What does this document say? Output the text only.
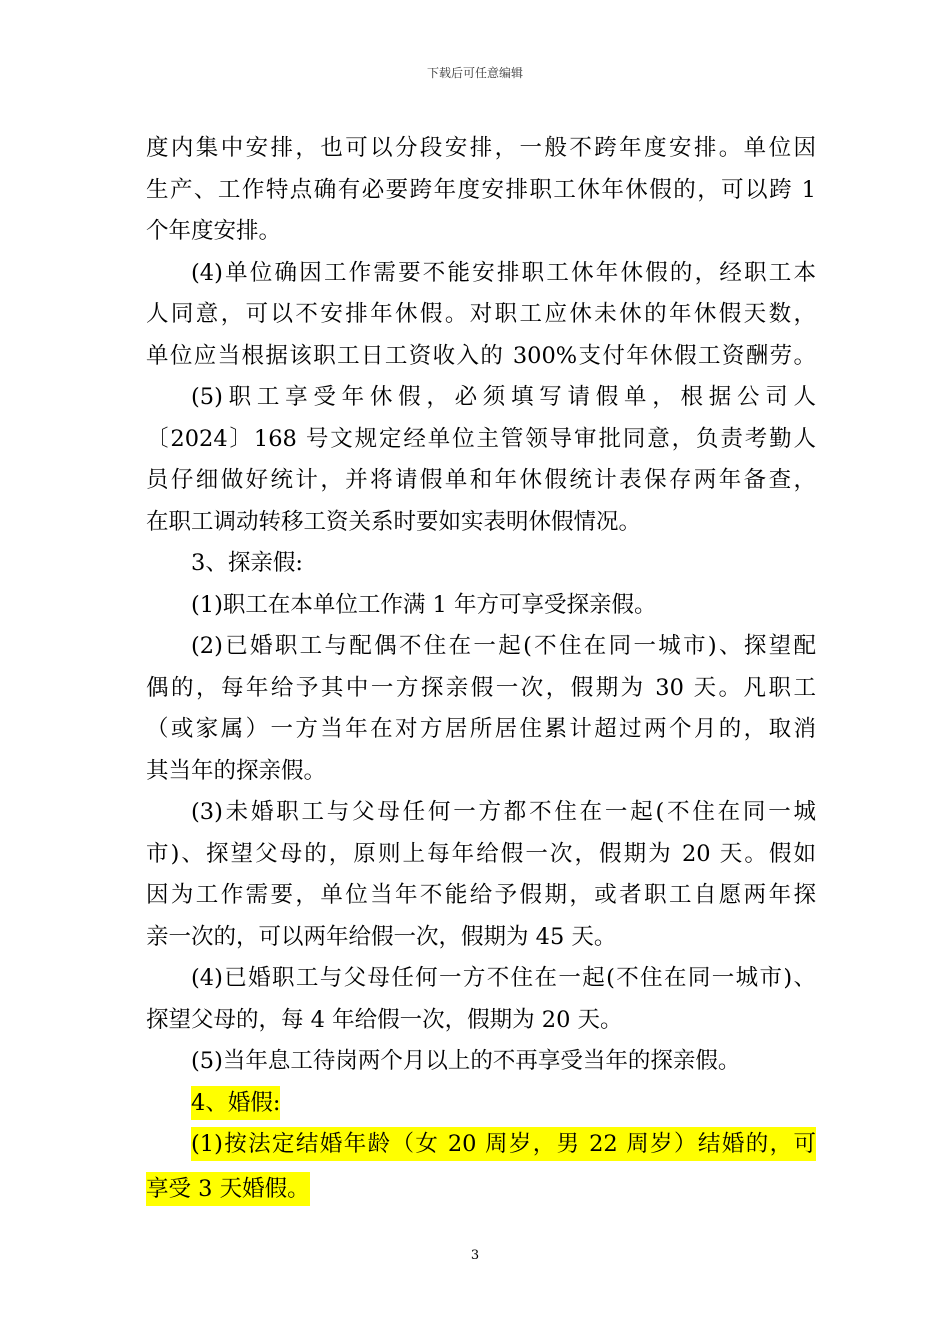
下载后可任意编辑
度内集中安排，也可以分段安排，一般不跨年度安排。单位因
生产、工作特点确有必要跨年度安排职工休年休假的，可以跨 1
个年度安排。
(4)单位确因工作需要不能安排职工休年休假的，经职工本
人同意，可以不安排年休假。对职工应休未休的年休假天数，
单位应当根据该职工日工资收入的 300%支付年休假工资酬劳。
(5)职工享受年休假，必须填写请假单，根据公司人
〔2024〕168 号文规定经单位主管领导审批同意，负责考勤人
员仔细做好统计，并将请假单和年休假统计表保存两年备查，
在职工调动转移工资关系时要如实表明休假情况。
3、探亲假:
(1)职工在本单位工作满 1 年方可享受探亲假。
(2)已婚职工与配偶不住在一起(不住在同一城市)、探望配
偶的，每年给予其中一方探亲假一次，假期为 30 天。凡职工
（或家属）一方当年在对方居所居住累计超过两个月的，取消
其当年的探亲假。
(3)未婚职工与父母任何一方都不住在一起(不住在同一城
市)、探望父母的，原则上每年给假一次，假期为 20 天。假如
因为工作需要，单位当年不能给予假期，或者职工自愿两年探
亲一次的，可以两年给假一次，假期为 45 天。
(4)已婚职工与父母任何一方不住在一起(不住在同一城市)、
探望父母的，每 4 年给假一次，假期为 20 天。
(5)当年息工待岗两个月以上的不再享受当年的探亲假。
4、婚假:
(1)按法定结婚年龄（女 20 周岁，男 22 周岁）结婚的，可
享受 3 天婚假。
3
